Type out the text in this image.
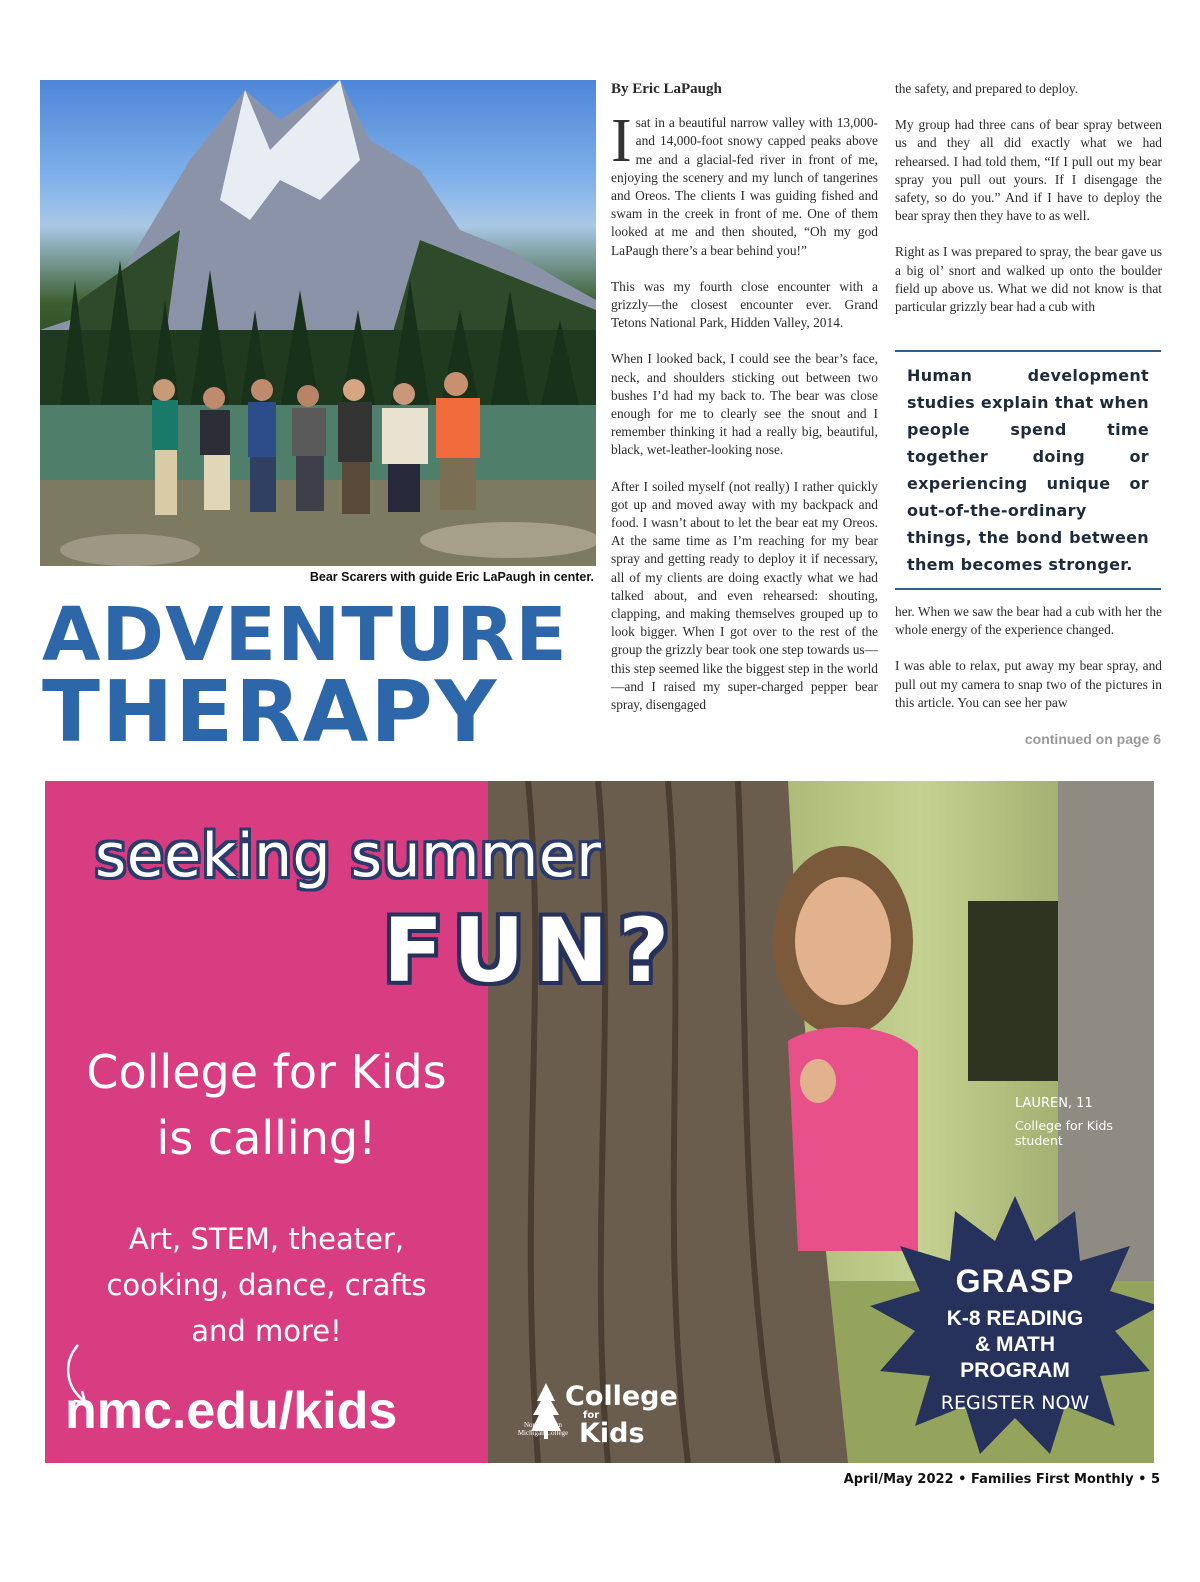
Bear Scarers with guide Eric LaPaugh in center.
ADVENTURE
THERAPY

By Eric LaPaugh

Isat in a beautiful narrow valley with 13,000- and 14,000-foot snowy capped peaks above me and a glacial-fed river in front of me, enjoying the scenery and my lunch of tangerines and Oreos. The clients I was guiding fished and swam in the creek in front of me. One of them looked at me and then shouted, “Oh my god LaPaugh there’s a bear behind you!”

This was my fourth close encounter with a grizzly—the closest encounter ever. Grand Tetons National Park, Hidden Valley, 2014.

When I looked back, I could see the bear’s face, neck, and shoulders sticking out between two bushes I’d had my back to. The bear was close enough for me to clearly see the snout and I remember thinking it had a really big, beautiful, black, wet-leather-looking nose.

After I soiled myself (not really) I rather quickly got up and moved away with my backpack and food. I wasn’t about to let the bear eat my Oreos. At the same time as I’m reaching for my bear spray and getting ready to deploy it if necessary, all of my clients are doing exactly what we had talked about, and even rehearsed: shouting, clapping, and making themselves grouped up to look bigger. When I got over to the rest of the group the grizzly bear took one step towards us—this step seemed like the biggest step in the world—and I raised my super-charged pepper bear spray, disengaged

the safety, and prepared to deploy.

My group had three cans of bear spray between us and they all did exactly what we had rehearsed. I had told them, “If I pull out my bear spray you pull out yours. If I disengage the safety, so do you.” And if I have to deploy the bear spray then they have to as well.

Right as I was prepared to spray, the bear gave us a big ol’ snort and walked up onto the boulder field up above us. What we did not know is that particular grizzly bear had a cub with

Human development studies explain that when people spend time together doing or experiencing unique or out-of-the-ordinary things, the bond between them becomes stronger.

her. When we saw the bear had a cub with her the whole energy of the experience changed.

I was able to relax, put away my bear spray, and pull out my camera to snap two of the pictures in this article. You can see her paw

continued on page 6
seeking summer
FUN?
College for Kids
is calling!
Art, STEM, theater,
cooking, dance, crafts
and more!
nmc.edu/kids
LAUREN, 11
College for Kids student
GRASP
K-8 READING
& MATH
PROGRAM
REGISTER NOW
Northwestern Michigan College
College
for
Kids
April/May 2022 • Families First Monthly • 5
